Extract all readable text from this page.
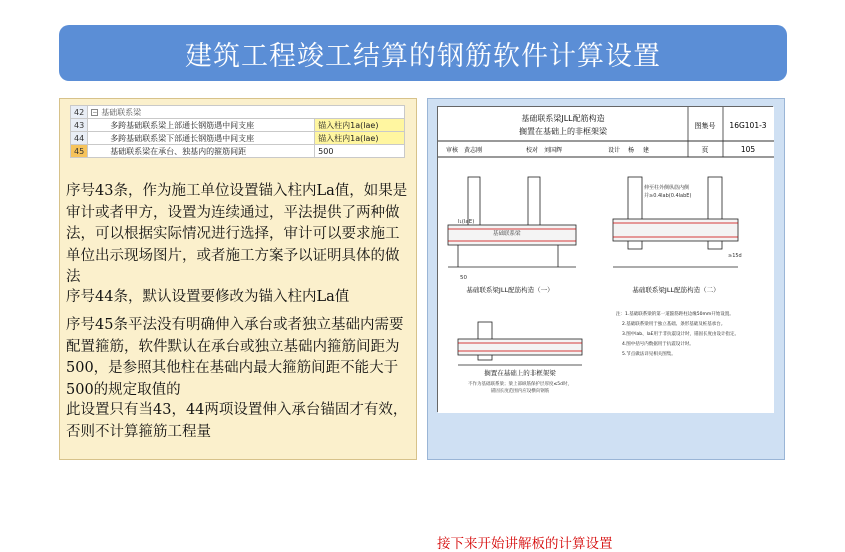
建筑工程竣工结算的钢筋软件计算设置
42	− 基础联系梁	
43	多跨基础联系梁上部通长钢筋遇中间支座	锚入柱内1a(lae)
44	多跨基础联系梁下部通长钢筋遇中间支座	锚入柱内1a(lae)
45	基础联系梁在承台、独基内的箍筋间距	500
序号43条，作为施工单位设置锚入柱内La值，如果是审计或者甲方，设置为连续通过，平法提供了两种做法，可以根据实际情况进行选择，审计可以要求施工单位出示现场图片，或者施工方案予以证明具体的做法
序号44条，默认设置要修改为锚入柱内La值
序号45条平法没有明确伸入承台或者独立基础内需要配置箍筋，软件默认在承台或独立基础内箍筋间距为500，是参照其他柱在基础内最大箍筋间距不能大于500的规定取值的
此设置只有当43，44两项设置伸入承台锚固才有效，否则不计算箍筋工程量
基础联系梁JLL配筋构造
搁置在基础上的非框架梁
图集号 16G101-3
页	105
审核 黄志刚	校对 刘国辉	设计 杨 建
l₁(laE)
基础联系梁
50
基础联系梁JLL配筋构造（一）
伸至柱外侧纵筋内侧
并≥0.4lab(0.4labE)
≥15d
基础联系梁JLL配筋构造（二）
搁置在基础上的非框架梁
不作为基础联系梁；梁上部纵筋保护层厚度≤5d时，
锚固长度范围内应设横向钢筋
注：1.基础联系梁的第一道箍筋距柱边缘50mm开始设置。
2.基础联系梁用于独立基础、条形基础及桩基承台。
3.图中lab、laE用于非抗震设计时，锚固长度由设计指定。
4.图中括号内数据用于抗震设计时。
5.节点做法详见相关图集。
接下来开始讲解板的计算设置
